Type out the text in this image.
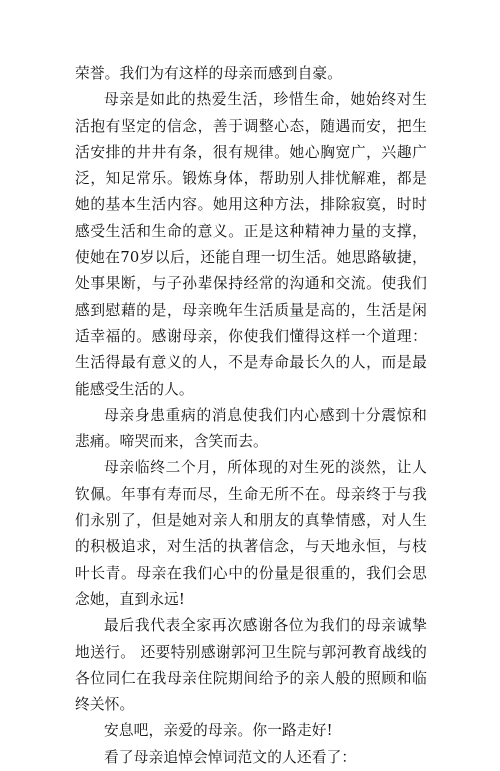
荣誉。我们为有这样的母亲而感到自豪。

母亲是如此的热爱生活，珍惜生命，她始终对生活抱有坚定的信念，善于调整心态，随遇而安，把生活安排的井井有条，很有规律。她心胸宽广，兴趣广泛，知足常乐。锻炼身体，帮助别人排忧解难，都是她的基本生活内容。她用这种方法，排除寂寞，时时感受生活和生命的意义。正是这种精神力量的支撑，使她在70岁以后，还能自理一切生活。她思路敏捷，处事果断，与子孙辈保持经常的沟通和交流。使我们感到慰藉的是，母亲晚年生活质量是高的，生活是闲适幸福的。感谢母亲，你使我们懂得这样一个道理：生活得最有意义的人，不是寿命最长久的人，而是最能感受生活的人。

母亲身患重病的消息使我们内心感到十分震惊和悲痛。啼哭而来，含笑而去。

母亲临终二个月，所体现的对生死的淡然，让人钦佩。年事有寿而尽，生命无所不在。母亲终于与我们永别了，但是她对亲人和朋友的真挚情感，对人生的积极追求，对生活的执著信念，与天地永恒，与枝叶长青。母亲在我们心中的份量是很重的，我们会思念她，直到永远!

最后我代表全家再次感谢各位为我们的母亲诚挚地送行。 还要特别感谢郭河卫生院与郭河教育战线的各位同仁在我母亲住院期间给予的亲人般的照顾和临终关怀。

安息吧，亲爱的母亲。你一路走好!

看了母亲追悼会悼词范文的人还看了：
